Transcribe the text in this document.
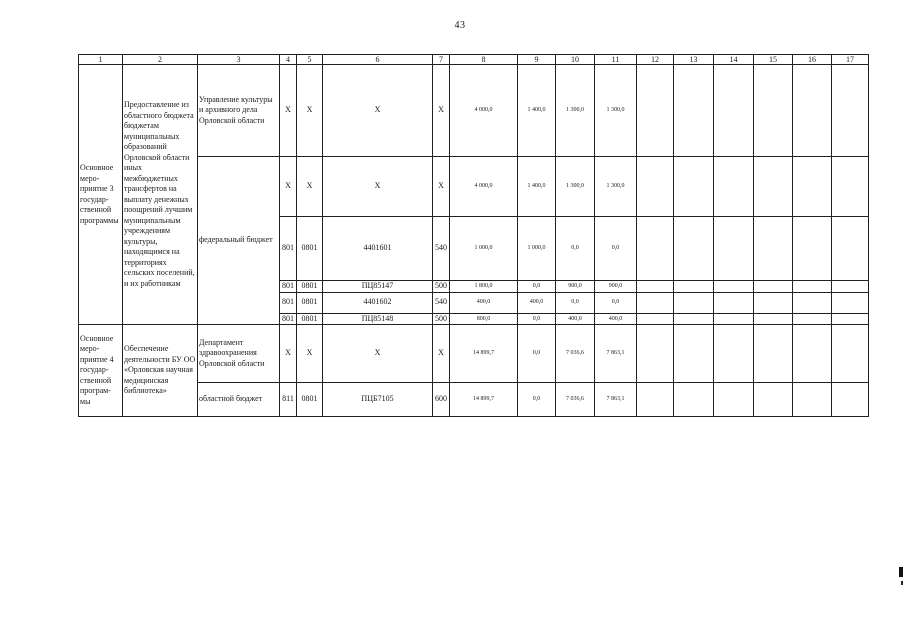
43
1	2	3	4	5	6	7	8	9	10	11	12	13	14	15	16	17
Основное меро-приятие 3 государ-ственной программы	Предоставление из областного бюджета бюджетам муниципальных образований Орловской области иных межбюджетных трансфертов на выплату денежных поощрений лучшим муниципальным учреждениям культуры, находящимся на территориях сельских поселений, и их работникам	Управление культуры и архивного дела Орловской области	X	X	X	X	4 000,0	1 400,0	1 300,0	1 300,0						
		федеральный бюджет	X	X	X	X	4 000,0	1 400,0	1 300,0	1 300,0						
			801	0801	4401601	540	1 000,0	1 000,0	0,0	0,0						
			801	0801	ПЦ85147	500	1 800,0	0,0	900,0	900,0						
			801	0801	4401602	540	400,0	400,0	0,0	0,0						
			801	0801	ПЦ85148	500	800,0	0,0	400,0	400,0						
Основное меро-приятие 4 государ-ственной програм-мы	Обеспечение деятельности БУ ОО «Орловская научная медицинская библиотека»	Департамент здравоохранения Орловской области	X	X	X	X	14 899,7	0,0	7 036,6	7 863,1						
		областной бюджет	811	0801	ПЦБ7105	600	14 899,7	0,0	7 036,6	7 863,1						
